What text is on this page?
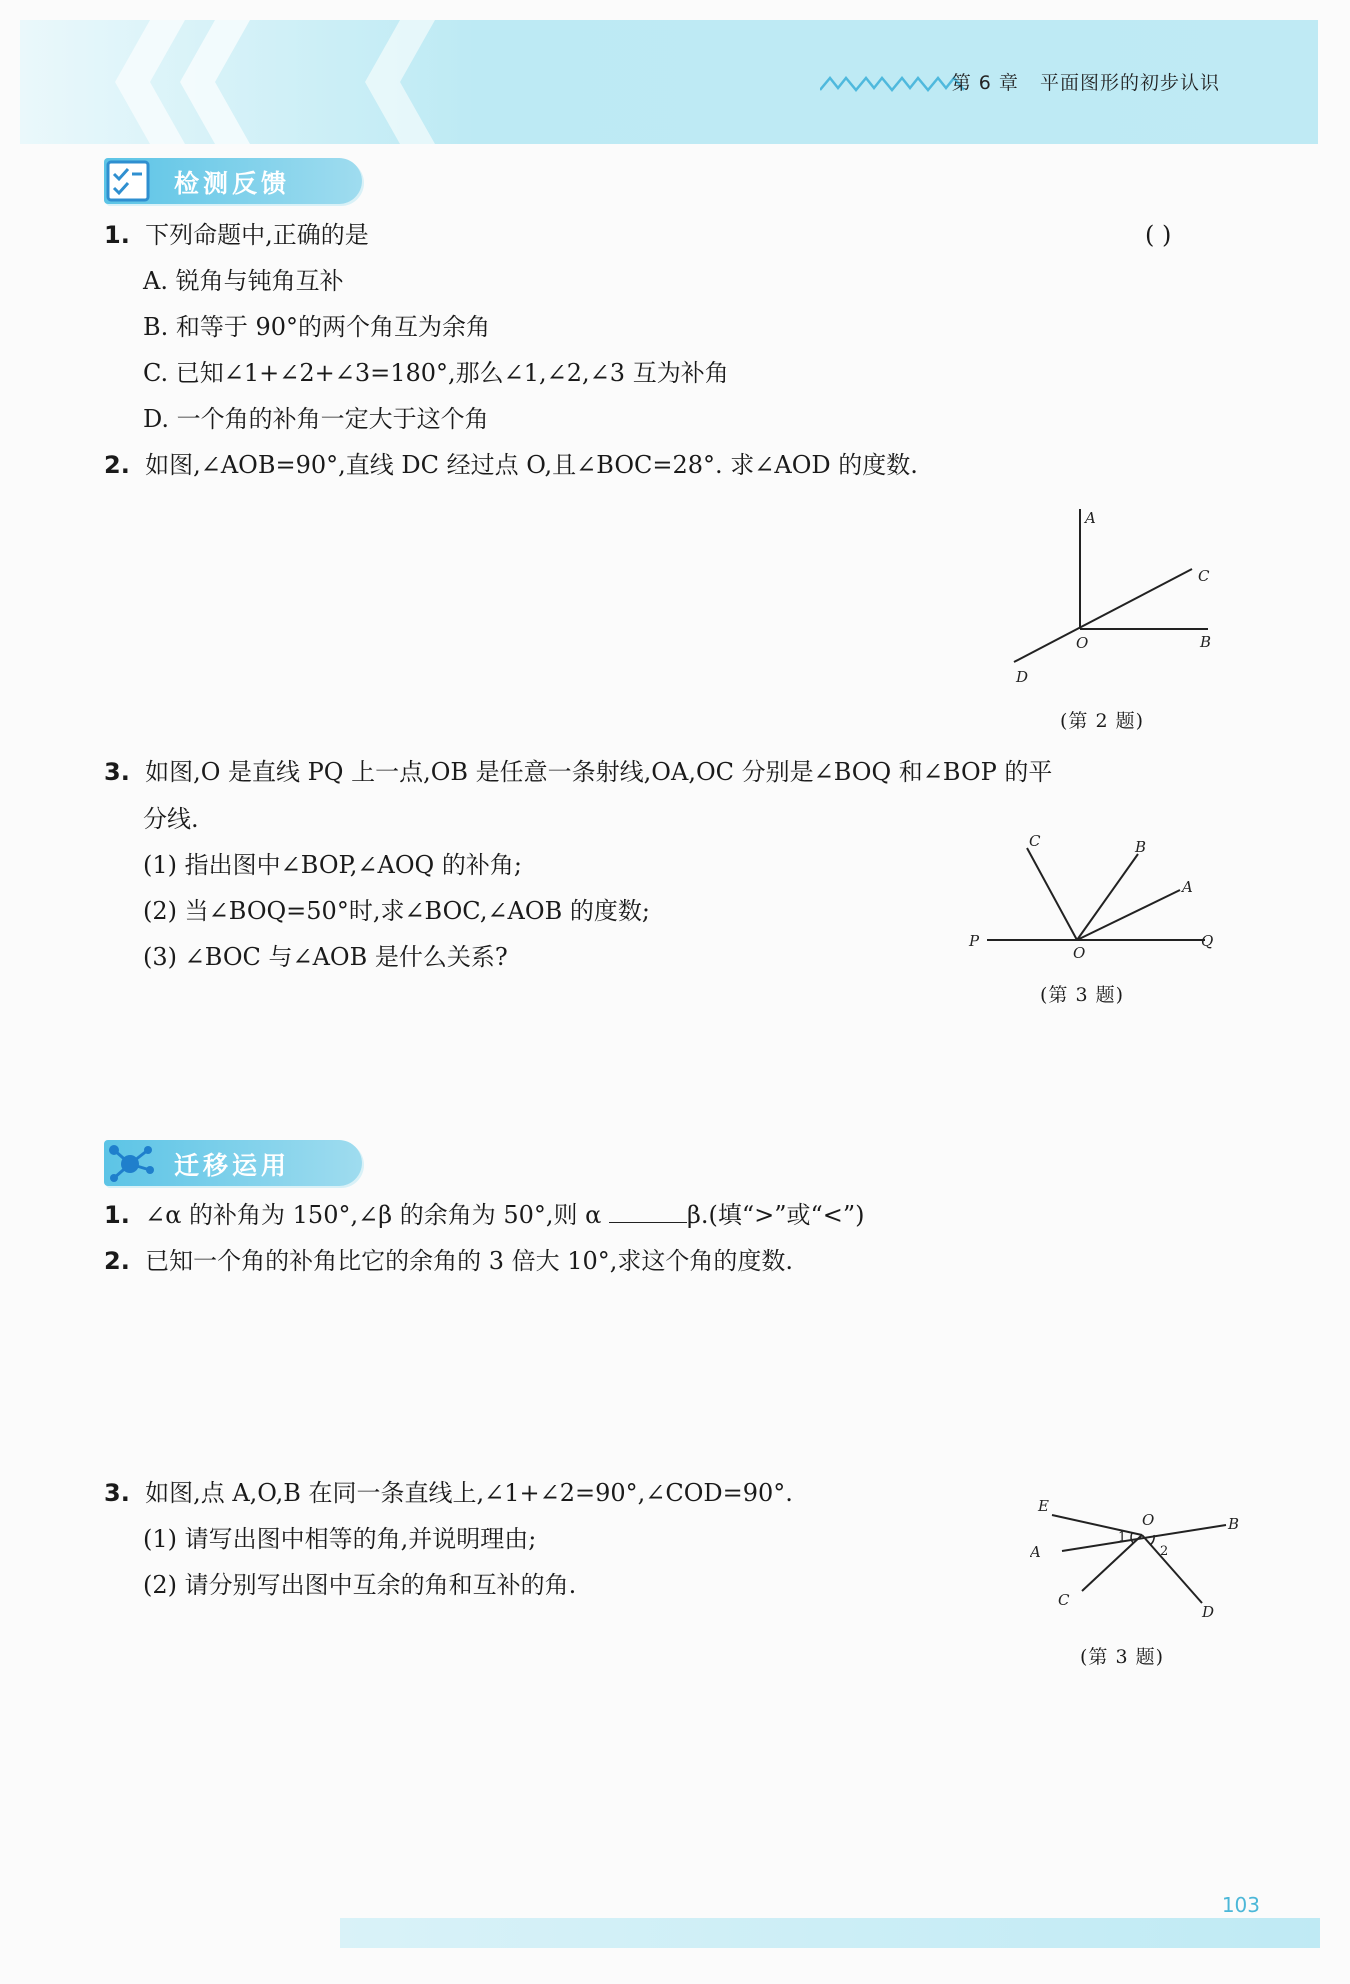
第 6 章 平面图形的初步认识
检测反馈
1. 下列命题中,正确的是	( )
A. 锐角与钝角互补
B. 和等于 90°的两个角互为余角
C. 已知∠1+∠2+∠3=180°,那么∠1,∠2,∠3 互为补角
D. 一个角的补角一定大于这个角
2. 如图,∠AOB=90°,直线 DC 经过点 O,且∠BOC=28°. 求∠AOD 的度数.
A
C
O	B
D
(第 2 题)
3. 如图,O 是直线 PQ 上一点,OB 是任意一条射线,OA,OC 分别是∠BOQ 和∠BOP 的平
分线.
(1) 指出图中∠BOP,∠AOQ 的补角;
(2) 当∠BOQ=50°时,求∠BOC,∠AOB 的度数;
(3) ∠BOC 与∠AOB 是什么关系?
P
O
Q
C	B
A
(第 3 题)
迁移运用
1. ∠α 的补角为 150°,∠β 的余角为 50°,则 α	β.(填“>”或“<”)
2. 已知一个角的补角比它的余角的 3 倍大 10°,求这个角的度数.
3. 如图,点 A,O,B 在同一条直线上,∠1+∠2=90°,∠COD=90°.
(1) 请写出图中相等的角,并说明理由;
(2) 请分别写出图中互余的角和互补的角.
E
A
C
O	B
D
1
2
(第 3 题)
103
